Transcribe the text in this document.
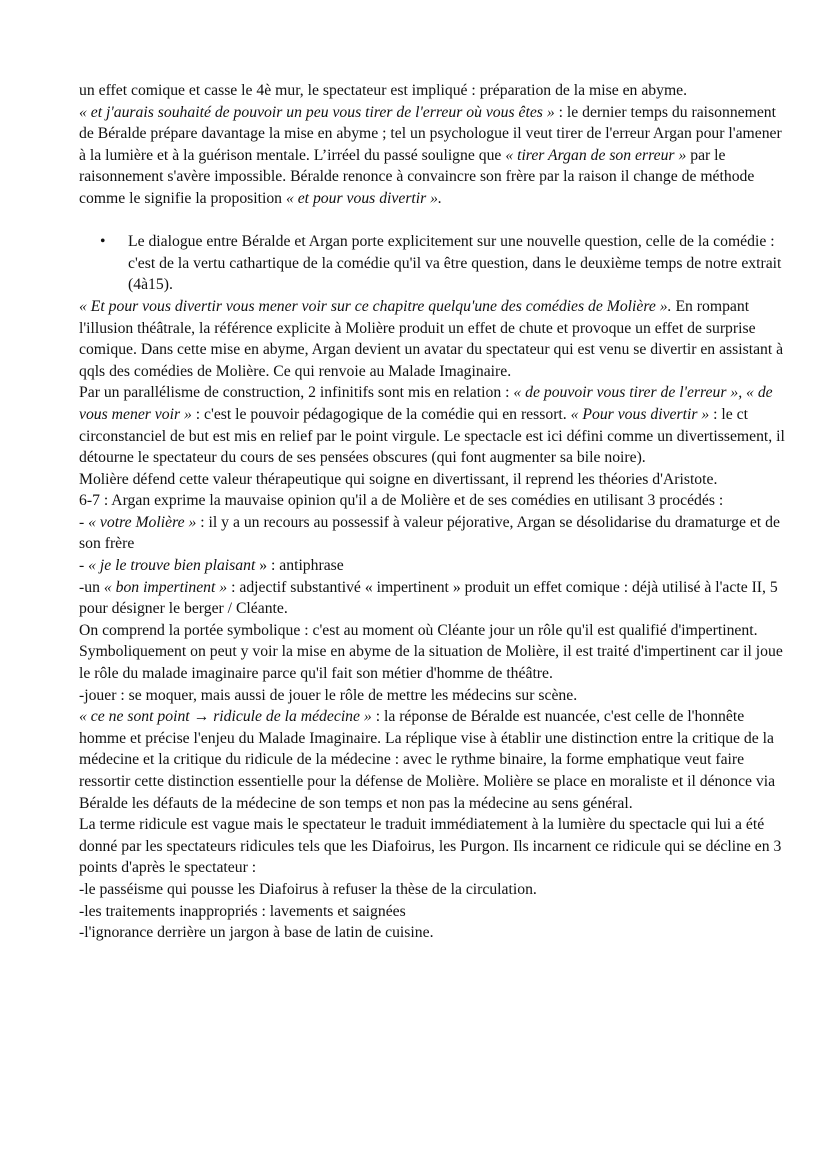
un effet comique et casse le 4è mur, le spectateur est impliqué : préparation de la mise en abyme.

« et j'aurais souhaité de pouvoir un peu vous tirer de l'erreur où vous êtes » : le dernier temps du raisonnement de Béralde prépare davantage la mise en abyme ; tel un psychologue il veut tirer de l'erreur Argan pour l'amener à la lumière et à la guérison mentale. L’irréel du passé souligne que « tirer Argan de son erreur » par le raisonnement s'avère impossible. Béralde renonce à convaincre son frère par la raison il change de méthode comme le signifie la proposition « et pour vous divertir ».

• Le dialogue entre Béralde et Argan porte explicitement sur une nouvelle question, celle de la comédie : c'est de la vertu cathartique de la comédie qu'il va être question, dans le deuxième temps de notre extrait (4à15).

« Et pour vous divertir vous mener voir sur ce chapitre quelqu'une des comédies de Molière ». En rompant l'illusion théâtrale, la référence explicite à Molière produit un effet de chute et provoque un effet de surprise comique. Dans cette mise en abyme, Argan devient un avatar du spectateur qui est venu se divertir en assistant à qqls des comédies de Molière. Ce qui renvoie au Malade Imaginaire.

Par un parallélisme de construction, 2 infinitifs sont mis en relation : « de pouvoir vous tirer de l'erreur », « de vous mener voir » : c'est le pouvoir pédagogique de la comédie qui en ressort. « Pour vous divertir » : le ct circonstanciel de but est mis en relief par le point virgule. Le spectacle est ici défini comme un divertissement, il détourne le spectateur du cours de ses pensées obscures (qui font augmenter sa bile noire).

Molière défend cette valeur thérapeutique qui soigne en divertissant, il reprend les théories d'Aristote.

6-7 : Argan exprime la mauvaise opinion qu'il a de Molière et de ses comédies en utilisant 3 procédés :

- « votre Molière » : il y a un recours au possessif à valeur péjorative, Argan se désolidarise du dramaturge et de son frère

- « je le trouve bien plaisant » : antiphrase

-un « bon impertinent » : adjectif substantivé « impertinent » produit un effet comique : déjà utilisé à l'acte II, 5 pour désigner le berger / Cléante.

On comprend la portée symbolique : c'est au moment où Cléante jour un rôle qu'il est qualifié d'impertinent. Symboliquement on peut y voir la mise en abyme de la situation de Molière, il est traité d'impertinent car il joue le rôle du malade imaginaire parce qu'il fait son métier d'homme de théâtre.

-jouer : se moquer, mais aussi de jouer le rôle de mettre les médecins sur scène.

« ce ne sont point → ridicule de la médecine » : la réponse de Béralde est nuancée, c'est celle de l'honnête homme et précise l'enjeu du Malade Imaginaire. La réplique vise à établir une distinction entre la critique de la médecine et la critique du ridicule de la médecine : avec le rythme binaire, la forme emphatique veut faire ressortir cette distinction essentielle pour la défense de Molière. Molière se place en moraliste et il dénonce via Béralde les défauts de la médecine de son temps et non pas la médecine au sens général.

La terme ridicule est vague mais le spectateur le traduit immédiatement à la lumière du spectacle qui lui a été donné par les spectateurs ridicules tels que les Diafoirus, les Purgon. Ils incarnent ce ridicule qui se décline en 3 points d'après le spectateur :

-le passéisme qui pousse les Diafoirus à refuser la thèse de la circulation.

-les traitements inappropriés : lavements et saignées

-l'ignorance derrière un jargon à base de latin de cuisine.
